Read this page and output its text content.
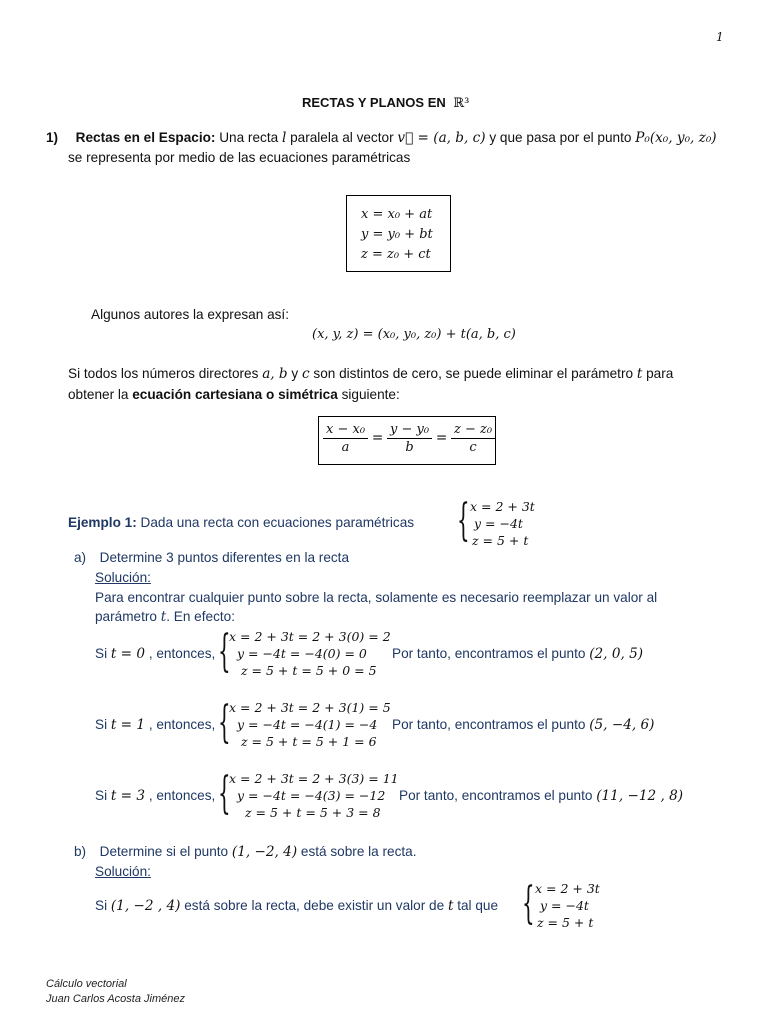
1
RECTAS Y PLANOS EN ℝ³
1) Rectas en el Espacio: Una recta l paralela al vector v⃗ = (a, b, c) y que pasa por el punto P₀(x₀, y₀, z₀)
se representa por medio de las ecuaciones paramétricas
x = x₀ + at
y = y₀ + bt
z = z₀ + ct
Algunos autores la expresan así:
(x, y, z) = (x₀, y₀, z₀) + t(a, b, c)
Si todos los números directores a, b y c son distintos de cero, se puede eliminar el parámetro t para
obtener la ecuación cartesiana o simétrica siguiente:
$\frac{\text{x − x₀}}{a} = \frac{\text{y − y₀}}{b} = \frac{\text{z − z₀}}{c}$
Ejemplo 1: Dada una recta con ecuaciones paramétricas { x = 2 + 3t
y = −4t
z = 5 + t
a) Determine 3 puntos diferentes en la recta
Solución:
Para encontrar cualquier punto sobre la recta, solamente es necesario reemplazar un valor al
parámetro t. En efecto:
Si t = 0 , entonces, {
x = 2 + 3t = 2 + 3(0) = 2
y = −4t = −4(0) = 0
z = 5 + t = 5 + 0 = 5
Por tanto, encontramos el punto (2, 0, 5)
Si t = 1 , entonces, {
x = 2 + 3t = 2 + 3(1) = 5
y = −4t = −4(1) = −4
z = 5 + t = 5 + 1 = 6
Por tanto, encontramos el punto (5, −4, 6)
Si t = 3 , entonces, {
x = 2 + 3t = 2 + 3(3) = 11
y = −4t = −4(3) = −12
z = 5 + t = 5 + 3 = 8
Por tanto, encontramos el punto (11, −12 , 8)
b) Determine si el punto (1, −2, 4) está sobre la recta.
Solución:
Si (1, −2 , 4) está sobre la recta, debe existir un valor de t tal que { x = 2 + 3t
y = −4t
z = 5 + t
Cálculo vectorial
Juan Carlos Acosta Jiménez
